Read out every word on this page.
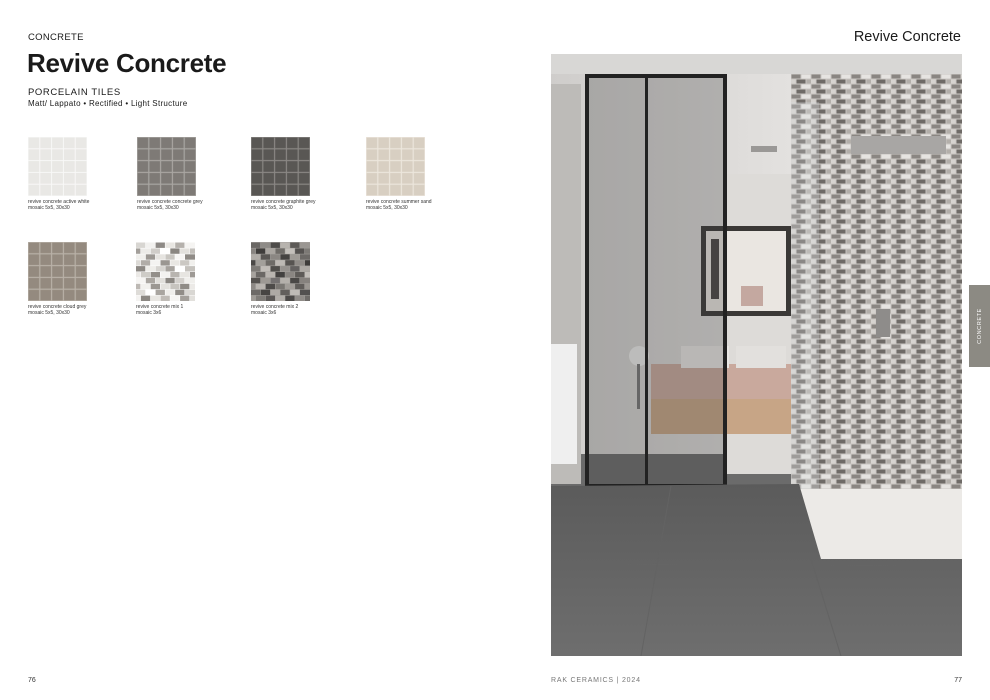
CONCRETE
Revive Concrete
PORCELAIN TILES
Matt/ Lappato • Rectified • Light Structure
Revive Concrete
revive concrete active white
mosaic 5x5, 30x30
revive concrete concrete grey
mosaic 5x5, 30x30
revive concrete graphite grey
mosaic 5x5, 30x30
revive concrete summer sand
mosaic 5x5, 30x30
revive concrete cloud grey
mosaic 5x5, 30x30
revive concrete mix 1
mosaic 3x6
revive concrete mix 2
mosaic 3x6	CONCRETE
76	RAK CERAMICS | 2024	77
